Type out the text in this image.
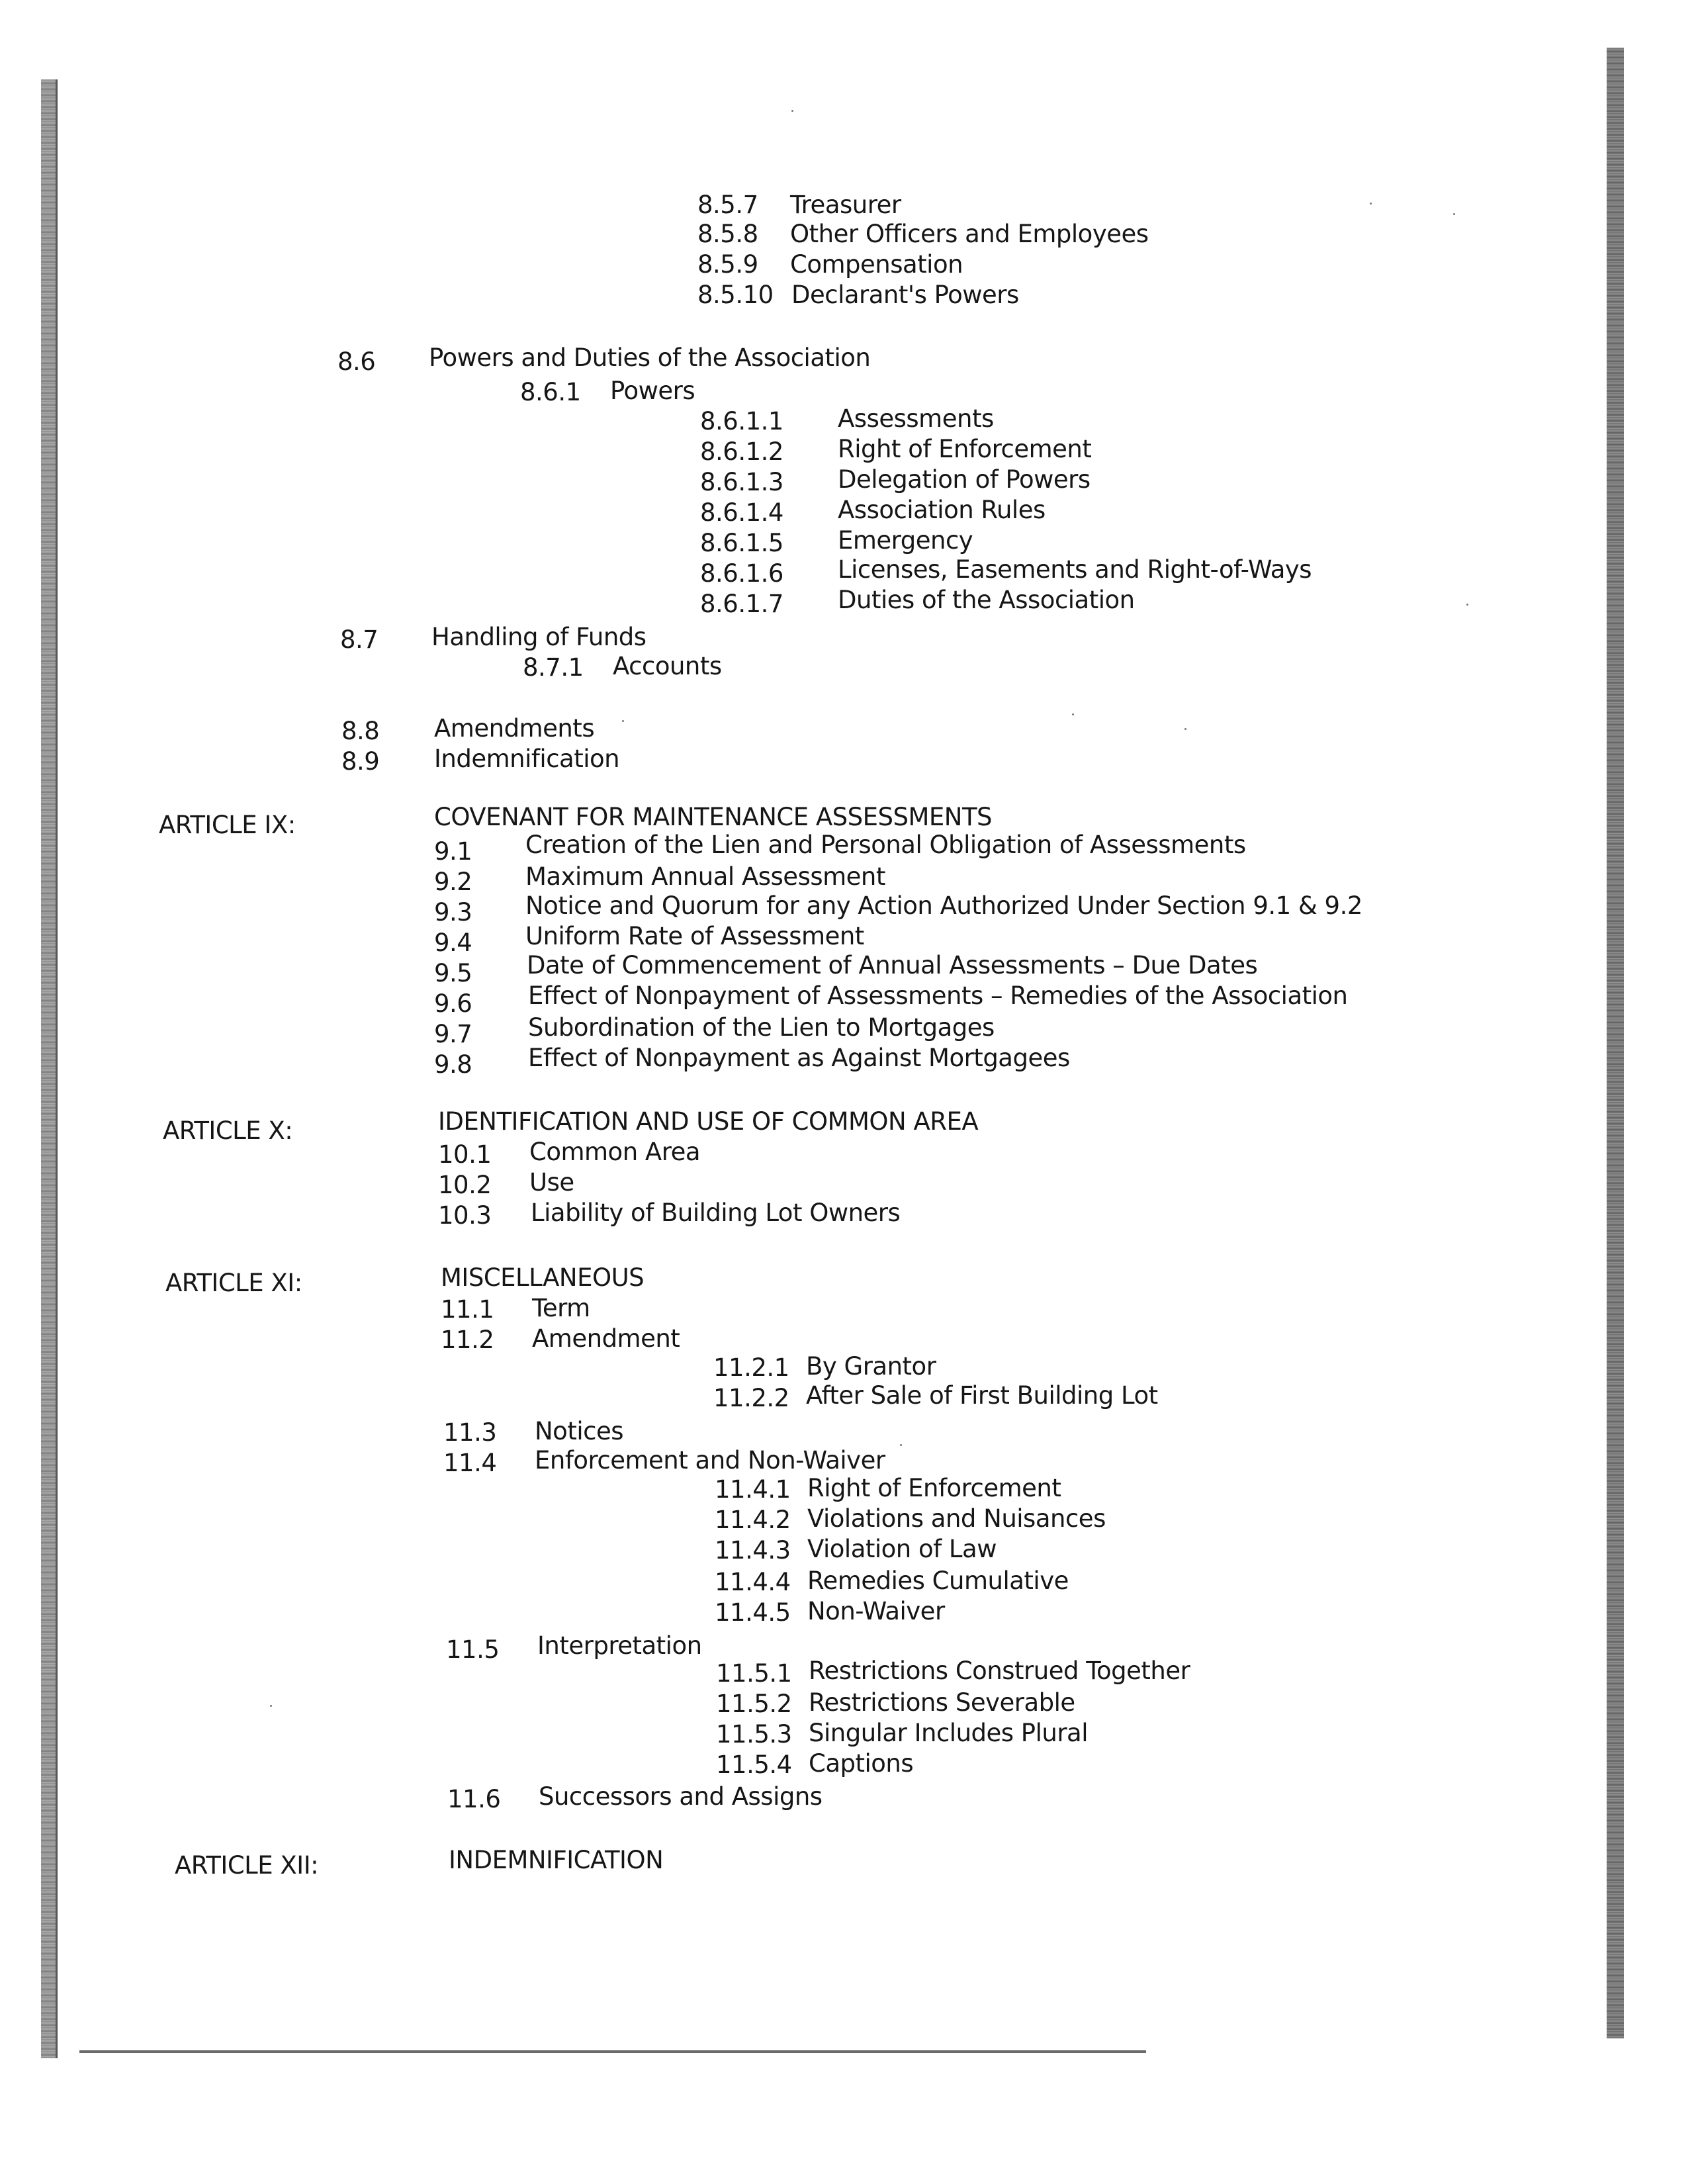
8.5.7 Treasurer
8.5.8 Other Officers and Employees
8.5.9 Compensation
8.5.10 Declarant's Powers
8.6 Powers and Duties of the Association
8.6.1 Powers
8.6.1.1 Assessments
8.6.1.2 Right of Enforcement
8.6.1.3 Delegation of Powers
8.6.1.4 Association Rules
8.6.1.5 Emergency
8.6.1.6 Licenses, Easements and Right-of-Ways
8.6.1.7 Duties of the Association
8.7 Handling of Funds
8.7.1 Accounts
8.8 Amendments
8.9 Indemnification
ARTICLE IX:	COVENANT FOR MAINTENANCE ASSESSMENTS
9.1 Creation of the Lien and Personal Obligation of Assessments
9.2 Maximum Annual Assessment
9.3 Notice and Quorum for any Action Authorized Under Section 9.1 & 9.2
9.4 Uniform Rate of Assessment
9.5 Date of Commencement of Annual Assessments – Due Dates
9.6 Effect of Nonpayment of Assessments – Remedies of the Association
9.7 Subordination of the Lien to Mortgages
9.8 Effect of Nonpayment as Against Mortgagees
ARTICLE X:	IDENTIFICATION AND USE OF COMMON AREA
10.1 Common Area
10.2 Use
10.3 Liability of Building Lot Owners
ARTICLE XI:	MISCELLANEOUS
11.1 Term
11.2 Amendment
11.2.1 By Grantor
11.2.2 After Sale of First Building Lot
11.3 Notices
11.4 Enforcement and Non-Waiver
11.4.1 Right of Enforcement
11.4.2 Violations and Nuisances
11.4.3 Violation of Law
11.4.4 Remedies Cumulative
11.4.5 Non-Waiver
11.5 Interpretation
11.5.1 Restrictions Construed Together
11.5.2 Restrictions Severable
11.5.3 Singular Includes Plural
11.5.4 Captions
11.6 Successors and Assigns
ARTICLE XII:	INDEMNIFICATION
